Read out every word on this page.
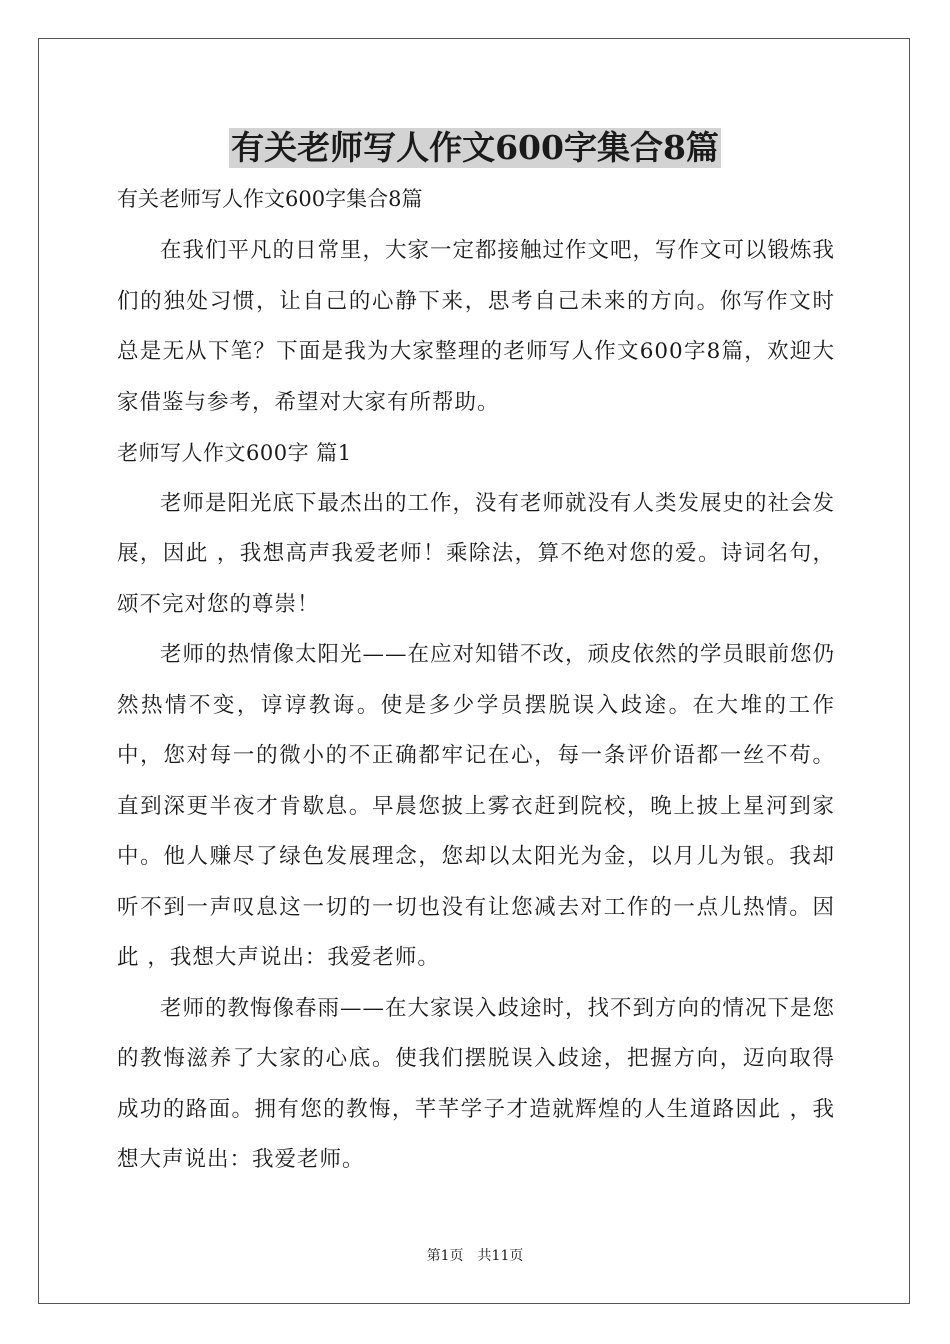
有关老师写人作文600字集合8篇
有关老师写人作文600字集合8篇

在我们平凡的日常里，大家一定都接触过作文吧，写作文可以锻炼我们的独处习惯，让自己的心静下来，思考自己未来的方向。你写作文时总是无从下笔？下面是我为大家整理的老师写人作文600字8篇，欢迎大家借鉴与参考，希望对大家有所帮助。

老师写人作文600字 篇1

老师是阳光底下最杰出的工作，没有老师就没有人类发展史的社会发展，因此 ，我想高声我爱老师！乘除法，算不绝对您的爱。诗词名句，颂不完对您的尊崇！

老师的热情像太阳光——在应对知错不改，顽皮依然的学员眼前您仍然热情不变，谆谆教诲。使是多少学员摆脱误入歧途。在大堆的工作中，您对每一的微小的不正确都牢记在心，每一条评价语都一丝不苟。直到深更半夜才肯歇息。早晨您披上雾衣赶到院校，晚上披上星河到家中。他人赚尽了绿色发展理念，您却以太阳光为金，以月儿为银。我却听不到一声叹息这一切的一切也没有让您减去对工作的一点儿热情。因此 ，我想大声说出：我爱老师。

老师的教悔像春雨——在大家误入歧途时，找不到方向的情况下是您的教悔滋养了大家的心底。使我们摆脱误入歧途，把握方向，迈向取得成功的路面。拥有您的教悔，芊芊学子才造就辉煌的人生道路因此 ，我想大声说出：我爱老师。

第1页　共11页
